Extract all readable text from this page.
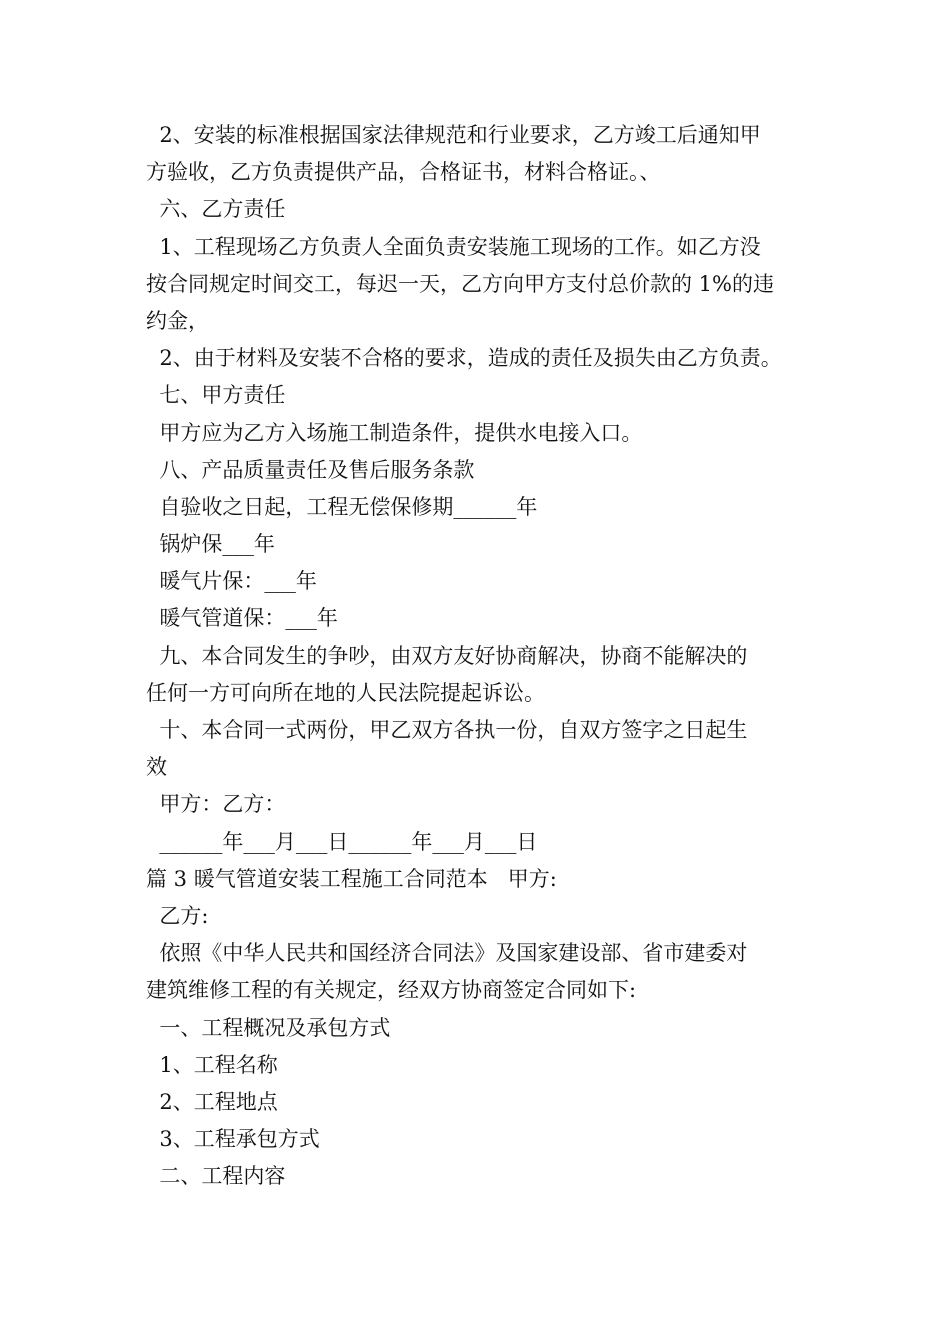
2、安装的标准根据国家法律规范和行业要求，乙方竣工后通知甲
方验收，乙方负责提供产品，合格证书，材料合格证。、
六、乙方责任
1、工程现场乙方负责人全面负责安装施工现场的工作。如乙方没
按合同规定时间交工，每迟一天，乙方向甲方支付总价款的 1%的违
约金，
2、由于材料及安装不合格的要求，造成的责任及损失由乙方负责。
七、甲方责任
甲方应为乙方入场施工制造条件，提供水电接入口。
八、产品质量责任及售后服务条款
自验收之日起，工程无偿保修期______年
锅炉保___年
暖气片保：___年
暖气管道保：___年
九、本合同发生的争吵，由双方友好协商解决，协商不能解决的
任何一方可向所在地的人民法院提起诉讼。
十、本合同一式两份，甲乙双方各执一份，自双方签字之日起生
效
甲方：乙方：
______年___月___日______年___月___日
篇 3 暖气管道安装工程施工合同范本   甲方:
乙方:
依照《中华人民共和国经济合同法》及国家建设部、省市建委对
建筑维修工程的有关规定，经双方协商签定合同如下:
一、工程概况及承包方式
1、工程名称
2、工程地点
3、工程承包方式
二、工程内容
